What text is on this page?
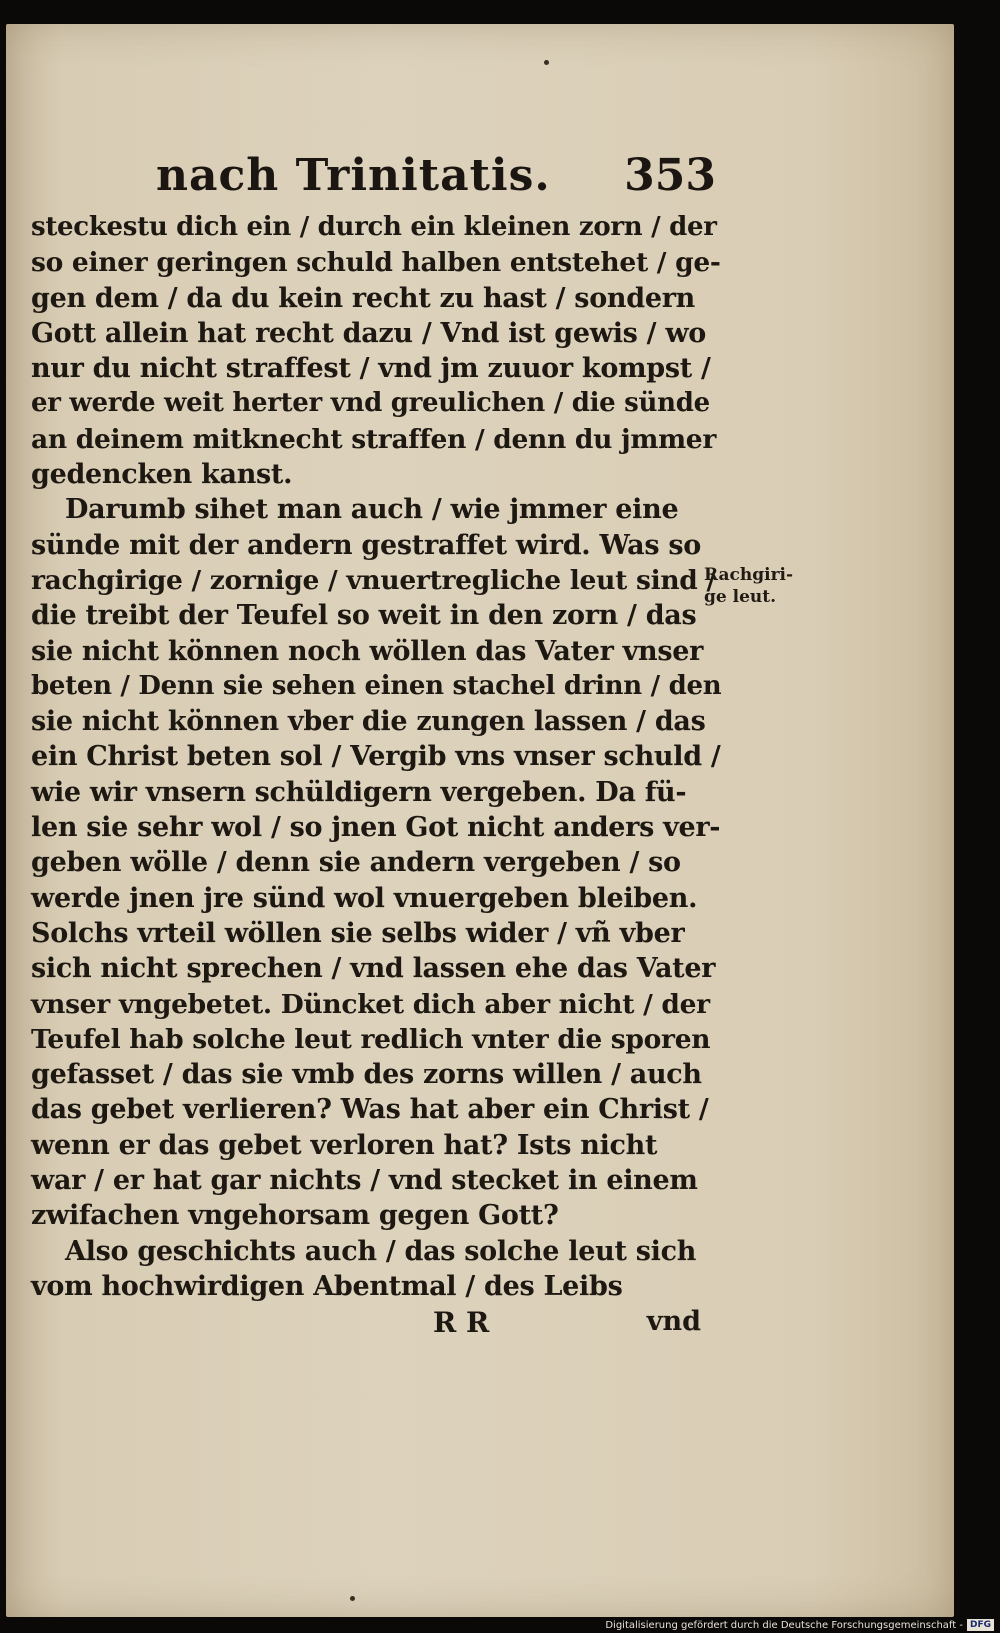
nach Trinitatis. 353
steckestu dich ein / durch ein kleinen zorn / der
so einer geringen schuld halben entstehet / ge-
gen dem / da du kein recht zu hast / sondern
Gott allein hat recht dazu / Vnd ist gewis / wo
nur du nicht straffest / vnd jm zuuor kompst /
er werde weit herter vnd greulichen / die sünde
an deinem mitknecht straffen / denn du jmmer
gedencken kanst.
Darumb sihet man auch / wie jmmer eine
sünde mit der andern gestraffet wird. Was so
rachgirige / zornige / vnuertregliche leut sind /
die treibt der Teufel so weit in den zorn / das
sie nicht können noch wöllen das Vater vnser
beten / Denn sie sehen einen stachel drinn / den
sie nicht können vber die zungen lassen / das
ein Christ beten sol / Vergib vns vnser schuld /
wie wir vnsern schüldigern vergeben. Da fü-
len sie sehr wol / so jnen Got nicht anders ver-
geben wölle / denn sie andern vergeben / so
werde jnen jre sünd wol vnuergeben bleiben.
Solchs vrteil wöllen sie selbs wider / vñ vber
sich nicht sprechen / vnd lassen ehe das Vater
vnser vngebetet. Düncket dich aber nicht / der
Teufel hab solche leut redlich vnter die sporen
gefasset / das sie vmb des zorns willen / auch
das gebet verlieren? Was hat aber ein Christ /
wenn er das gebet verloren hat? Ists nicht
war / er hat gar nichts / vnd stecket in einem
zwifachen vngehorsam gegen Gott?
Also geschichts auch / das solche leut sich
vom hochwirdigen Abentmal / des Leibs
Rachgiri-
ge leut.
R R	vnd
Digitalisierung gefördert durch die Deutsche Forschungsgemeinschaft - DFG
